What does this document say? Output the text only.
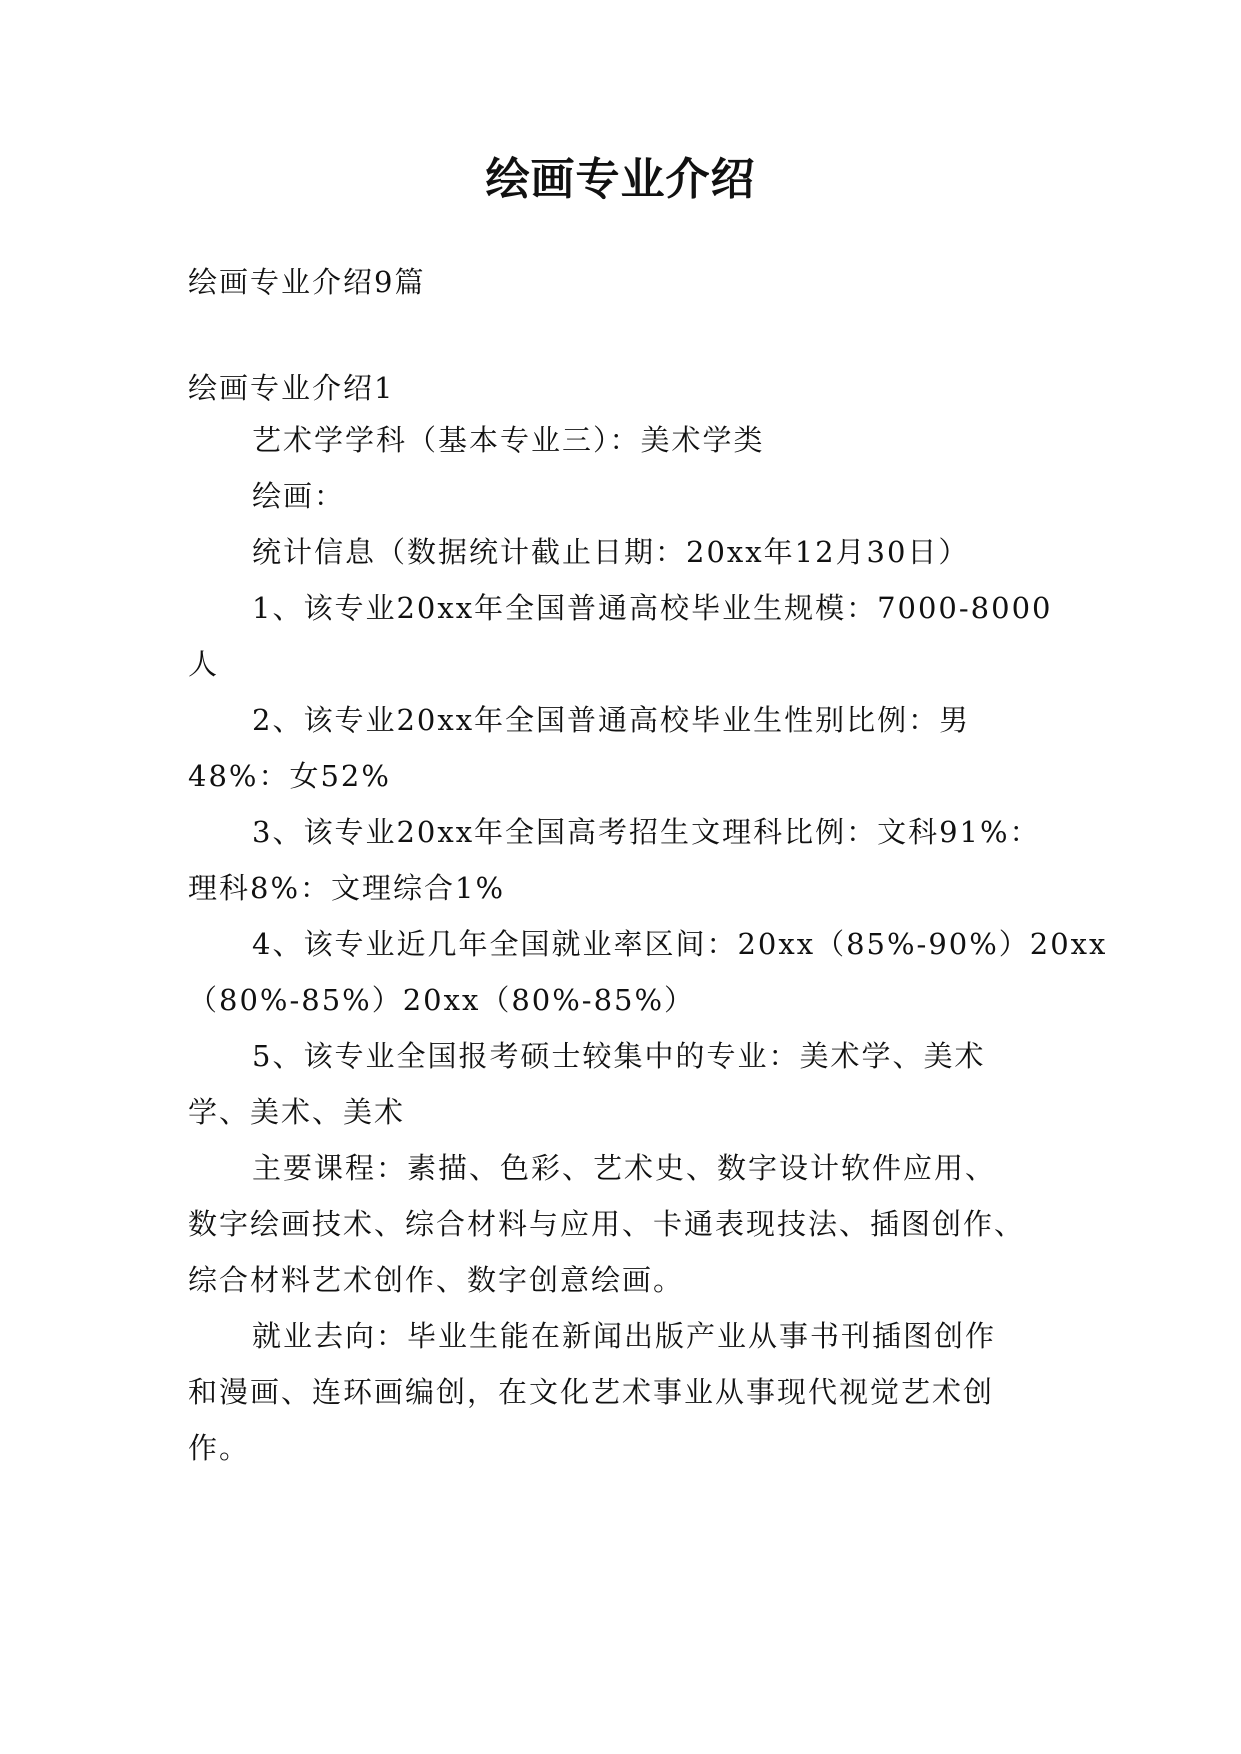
绘画专业介绍
绘画专业介绍9篇
绘画专业介绍1
艺术学学科（基本专业三）：美术学类
绘画：
统计信息（数据统计截止日期：20xx年12月30日）
1、该专业20xx年全国普通高校毕业生规模：7000-8000
人
2、该专业20xx年全国普通高校毕业生性别比例：男
48%：女52%
3、该专业20xx年全国高考招生文理科比例：文科91%：
理科8%：文理综合1%
4、该专业近几年全国就业率区间：20xx（85%-90%）20xx
（80%-85%）20xx（80%-85%）
5、该专业全国报考硕士较集中的专业：美术学、美术
学、美术、美术
主要课程：素描、色彩、艺术史、数字设计软件应用、
数字绘画技术、综合材料与应用、卡通表现技法、插图创作、
综合材料艺术创作、数字创意绘画。
就业去向：毕业生能在新闻出版产业从事书刊插图创作
和漫画、连环画编创，在文化艺术事业从事现代视觉艺术创
作。
